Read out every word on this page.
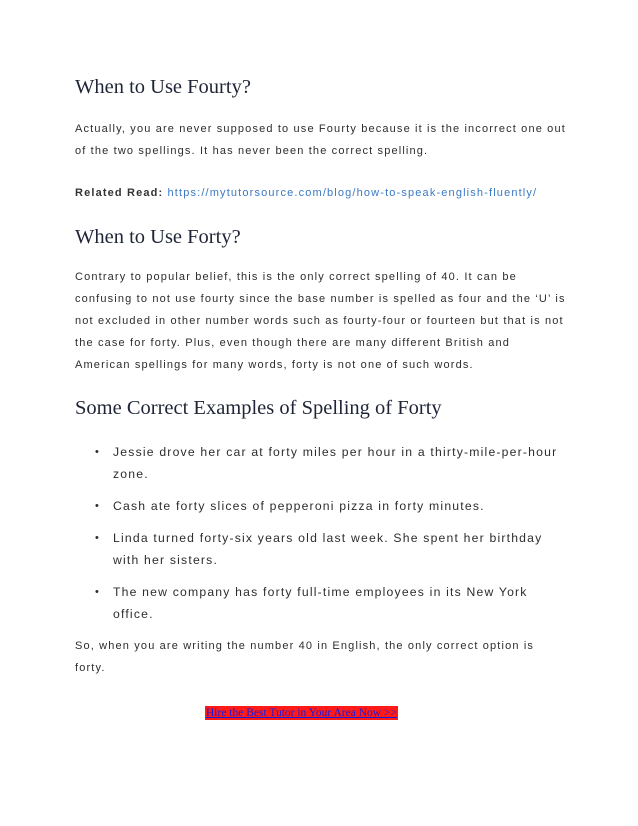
When to Use Fourty?

Actually, you are never supposed to use Fourty because it is the incorrect one out of the two spellings. It has never been the correct spelling.

Related Read: https://mytutorsource.com/blog/how-to-speak-english-fluently/
When to Use Forty?

Contrary to popular belief, this is the only correct spelling of 40. It can be confusing to not use fourty since the base number is spelled as four and the ‘U’ is not excluded in other number words such as fourty-four or fourteen but that is not the case for forty. Plus, even though there are many different British and American spellings for many words, forty is not one of such words.

Some Correct Examples of Spelling of Forty
• Jessie drove her car at forty miles per hour in a thirty-mile-per-hour zone.
• Cash ate forty slices of pepperoni pizza in forty minutes.
• Linda turned forty-six years old last week. She spent her birthday with her sisters.
• The new company has forty full-time employees in its New York office.

So, when you are writing the number 40 in English, the only correct option is forty.

Hire the Best Tutor in Your Area Now >>
